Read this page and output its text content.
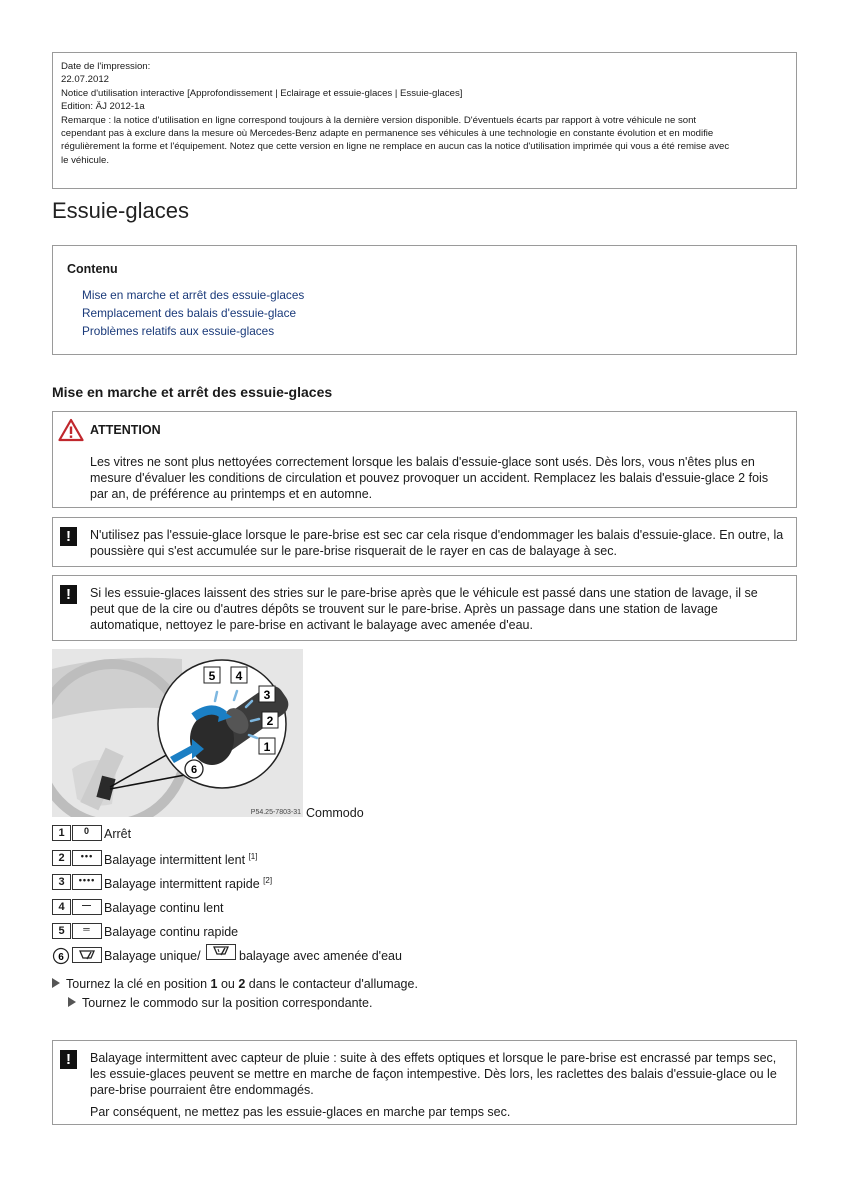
Date de l'impression:
22.07.2012
Notice d'utilisation interactive [Approfondissement | Eclairage et essuie-glaces | Essuie-glaces]
Edition: ÄJ 2012-1a
Remarque : la notice d'utilisation en ligne correspond toujours à la dernière version disponible. D'éventuels écarts par rapport à votre véhicule ne sont
cependant pas à exclure dans la mesure où Mercedes-Benz adapte en permanence ses véhicules à une technologie en constante évolution et en modifie
régulièrement la forme et l'équipement. Notez que cette version en ligne ne remplace en aucun cas la notice d'utilisation imprimée qui vous a été remise avec
le véhicule.
Essuie-glaces
Contenu
Mise en marche et arrêt des essuie-glaces
Remplacement des balais d'essuie-glace
Problèmes relatifs aux essuie-glaces
Mise en marche et arrêt des essuie-glaces
ATTENTION
Les vitres ne sont plus nettoyées correctement lorsque les balais d'essuie-glace sont usés. Dès lors, vous n'êtes plus en mesure d'évaluer les conditions de circulation et pouvez provoquer un accident. Remplacez les balais d'essuie-glace 2 fois par an, de préférence au printemps et en automne.
!	N'utilisez pas l'essuie-glace lorsque le pare-brise est sec car cela risque d'endommager les balais d'essuie-glace. En outre, la poussière qui s'est accumulée sur le pare-brise risquerait de le rayer en cas de balayage à sec.
!	Si les essuie-glaces laissent des stries sur le pare-brise après que le véhicule est passé dans une station de lavage, il se peut que de la cire ou d'autres dépôts se trouvent sur le pare-brise. Après un passage dans une station de lavage automatique, nettoyez le pare-brise en activant le balayage avec amenée d'eau.
5 4
3
2
1
6
P54.25-7803-31 Commodo
1	0	Arrêt
2	••• Balayage intermittent lent [1]
3	•••• Balayage intermittent rapide [2]
4	— Balayage continu lent
5	═	Balayage continu rapide
6	Balayage unique/	balayage avec amenée d'eau
Tournez la clé en position 1 ou 2 dans le contacteur d'allumage.
Tournez le commodo sur la position correspondante.
!	Balayage intermittent avec capteur de pluie : suite à des effets optiques et lorsque le pare-brise est encrassé par temps sec, les essuie-glaces peuvent se mettre en marche de façon intempestive. Dès lors, les raclettes des balais d'essuie-glace ou le pare-brise pourraient être endommagés.
Par conséquent, ne mettez pas les essuie-glaces en marche par temps sec.
